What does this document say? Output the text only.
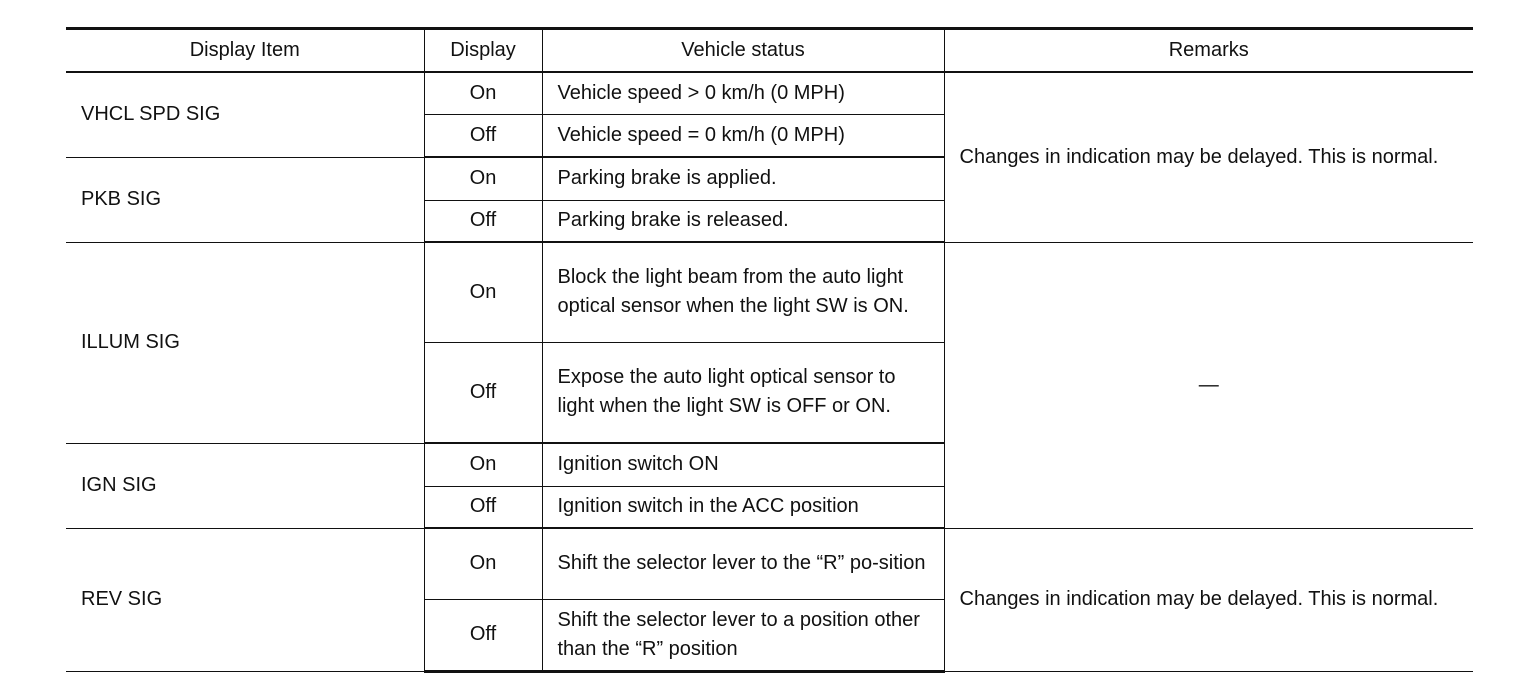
Display Item	Display	Vehicle status	Remarks
VHCL SPD SIG	On	Vehicle speed > 0 km/h (0 MPH)	Changes in indication may be delayed. This is normal.
	Off	Vehicle speed = 0 km/h (0 MPH)	
PKB SIG	On	Parking brake is applied.	
	Off	Parking brake is released.	
ILLUM SIG	On	Block the light beam from the auto light optical sensor when the light SW is ON.	—
	Off	Expose the auto light optical sensor to light when the light SW is OFF or ON.	
IGN SIG	On	Ignition switch ON	
	Off	Ignition switch in the ACC position	
REV SIG	On	Shift the selector lever to the “R” po-sition	Changes in indication may be delayed. This is normal.
	Off	Shift the selector lever to a position other than the “R” position	
